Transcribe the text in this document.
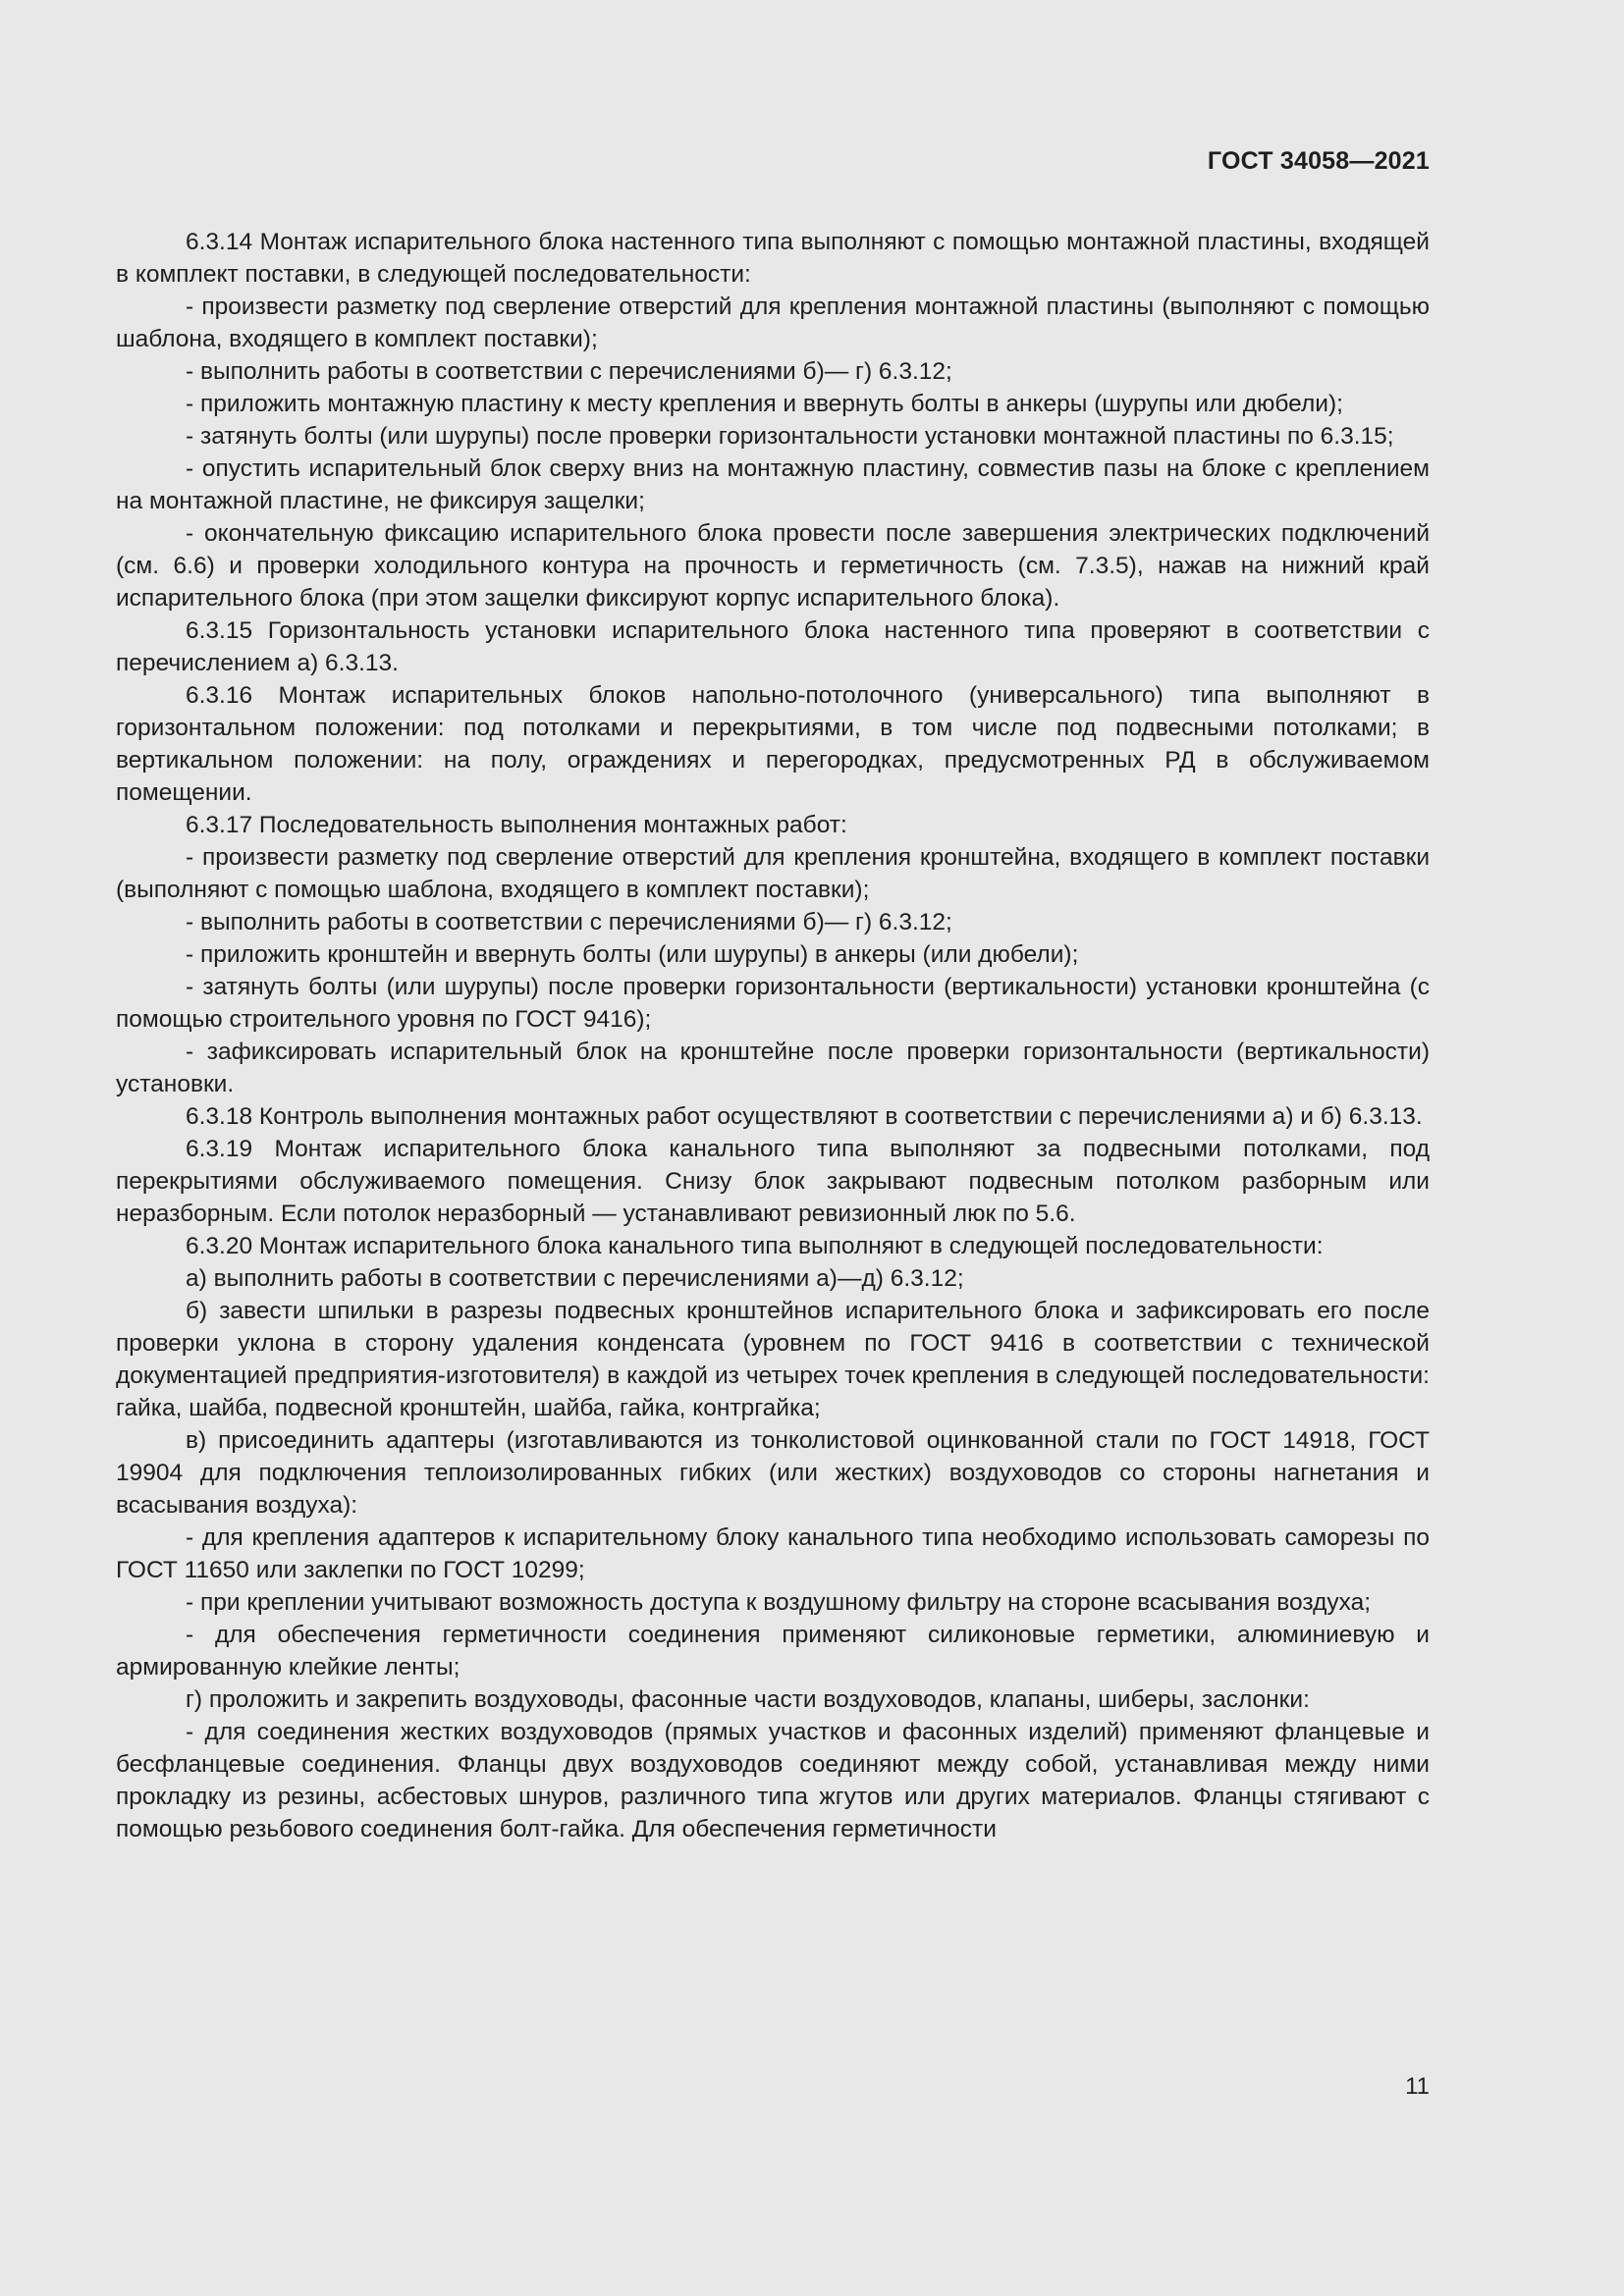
ГОСТ 34058—2021

6.3.14 Монтаж испарительного блока настенного типа выполняют с помощью монтажной пластины, входящей в комплект поставки, в следующей последовательности:

- произвести разметку под сверление отверстий для крепления монтажной пластины (выполняют с помощью шаблона, входящего в комплект поставки);

- выполнить работы в соответствии с перечислениями б)— г) 6.3.12;

- приложить монтажную пластину к месту крепления и ввернуть болты в анкеры (шурупы или дюбели);

- затянуть болты (или шурупы) после проверки горизонтальности установки монтажной пластины по 6.3.15;

- опустить испарительный блок сверху вниз на монтажную пластину, совместив пазы на блоке с креплением на монтажной пластине, не фиксируя защелки;

- окончательную фиксацию испарительного блока провести после завершения электрических подключений (см. 6.6) и проверки холодильного контура на прочность и герметичность (см. 7.3.5), нажав на нижний край испарительного блока (при этом защелки фиксируют корпус испарительного блока).

6.3.15 Горизонтальность установки испарительного блока настенного типа проверяют в соответствии с перечислением а) 6.3.13.

6.3.16 Монтаж испарительных блоков напольно-потолочного (универсального) типа выполняют в горизонтальном положении: под потолками и перекрытиями, в том числе под подвесными потолками; в вертикальном положении: на полу, ограждениях и перегородках, предусмотренных РД в обслуживаемом помещении.

6.3.17 Последовательность выполнения монтажных работ:

- произвести разметку под сверление отверстий для крепления кронштейна, входящего в комплект поставки (выполняют с помощью шаблона, входящего в комплект поставки);

- выполнить работы в соответствии с перечислениями б)— г) 6.3.12;

- приложить кронштейн и ввернуть болты (или шурупы) в анкеры (или дюбели);

- затянуть болты (или шурупы) после проверки горизонтальности (вертикальности) установки кронштейна (с помощью строительного уровня по ГОСТ 9416);

- зафиксировать испарительный блок на кронштейне после проверки горизонтальности (вертикальности) установки.

6.3.18 Контроль выполнения монтажных работ осуществляют в соответствии с перечислениями а) и б) 6.3.13.

6.3.19 Монтаж испарительного блока канального типа выполняют за подвесными потолками, под перекрытиями обслуживаемого помещения. Снизу блок закрывают подвесным потолком разборным или неразборным. Если потолок неразборный — устанавливают ревизионный люк по 5.6.

6.3.20 Монтаж испарительного блока канального типа выполняют в следующей последовательности:

а) выполнить работы в соответствии с перечислениями а)—д) 6.3.12;

б) завести шпильки в разрезы подвесных кронштейнов испарительного блока и зафиксировать его после проверки уклона в сторону удаления конденсата (уровнем по ГОСТ 9416 в соответствии с технической документацией предприятия-изготовителя) в каждой из четырех точек крепления в следующей последовательности: гайка, шайба, подвесной кронштейн, шайба, гайка, контргайка;

в) присоединить адаптеры (изготавливаются из тонколистовой оцинкованной стали по ГОСТ 14918, ГОСТ 19904 для подключения теплоизолированных гибких (или жестких) воздуховодов со стороны нагнетания и всасывания воздуха):

- для крепления адаптеров к испарительному блоку канального типа необходимо использовать саморезы по ГОСТ 11650 или заклепки по ГОСТ 10299;

- при креплении учитывают возможность доступа к воздушному фильтру на стороне всасывания воздуха;

- для обеспечения герметичности соединения применяют силиконовые герметики, алюминиевую и армированную клейкие ленты;

г) проложить и закрепить воздуховоды, фасонные части воздуховодов, клапаны, шиберы, заслонки:

- для соединения жестких воздуховодов (прямых участков и фасонных изделий) применяют фланцевые и бесфланцевые соединения. Фланцы двух воздуховодов соединяют между собой, устанавливая между ними прокладку из резины, асбестовых шнуров, различного типа жгутов или других материалов. Фланцы стягивают с помощью резьбового соединения болт-гайка. Для обеспечения герметичности

11
